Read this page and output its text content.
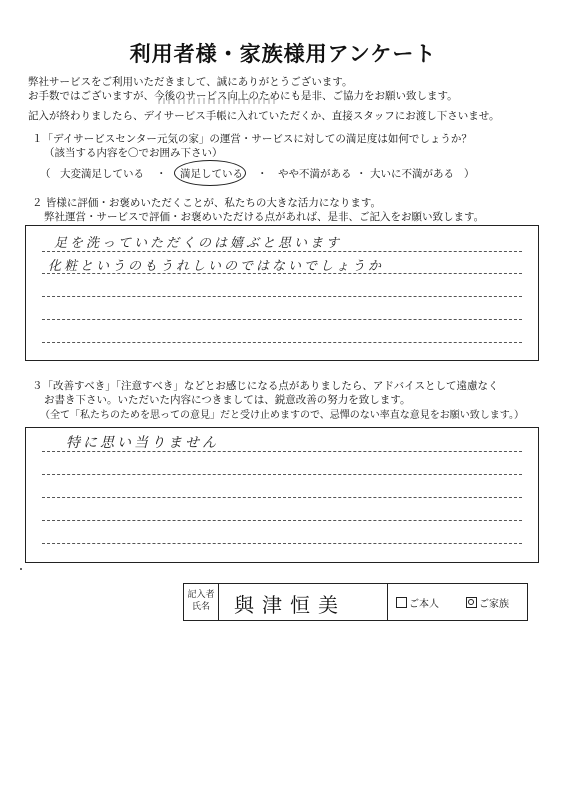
利用者様・家族様用アンケート
弊社サービスをご利用いただきまして、誠にありがとうございます。
お手数ではございますが、今後のサービス向上のためにも是非、ご協力をお願い致します。
記入が終わりましたら、デイサービス手帳に入れていただくか、直接スタッフにお渡し下さいませ。
１「デイサービスセンター元気の家」の運営・サービスに対しての満足度は如何でしょうか？
（該当する内容を〇でお囲み下さい）
（ 大変満足している ・ 満足している ・ やや不満がある ・ 大いに不満がある ）
２ 皆様に評価・お褒めいただくことが、私たちの大きな活力になります。
弊社運営・サービスで評価・お褒めいただける点があれば、是非、ご記入をお願い致します。
足を洗っていただくのは嬉ぶと思います
化粧というのもうれしいのではないでしょうか
３「改善すべき」「注意すべき」などとお感じになる点がありましたら、アドバイスとして遠慮なく
お書き下さい。いただいた内容につきましては、鋭意改善の努力を致します。
（全て「私たちのためを思っての意見」だと受け止めますので、忌憚のない率直な意見をお願い致します。）
特に思い当りません
記入者
氏名	與津恒美	ご本人	ご家族
